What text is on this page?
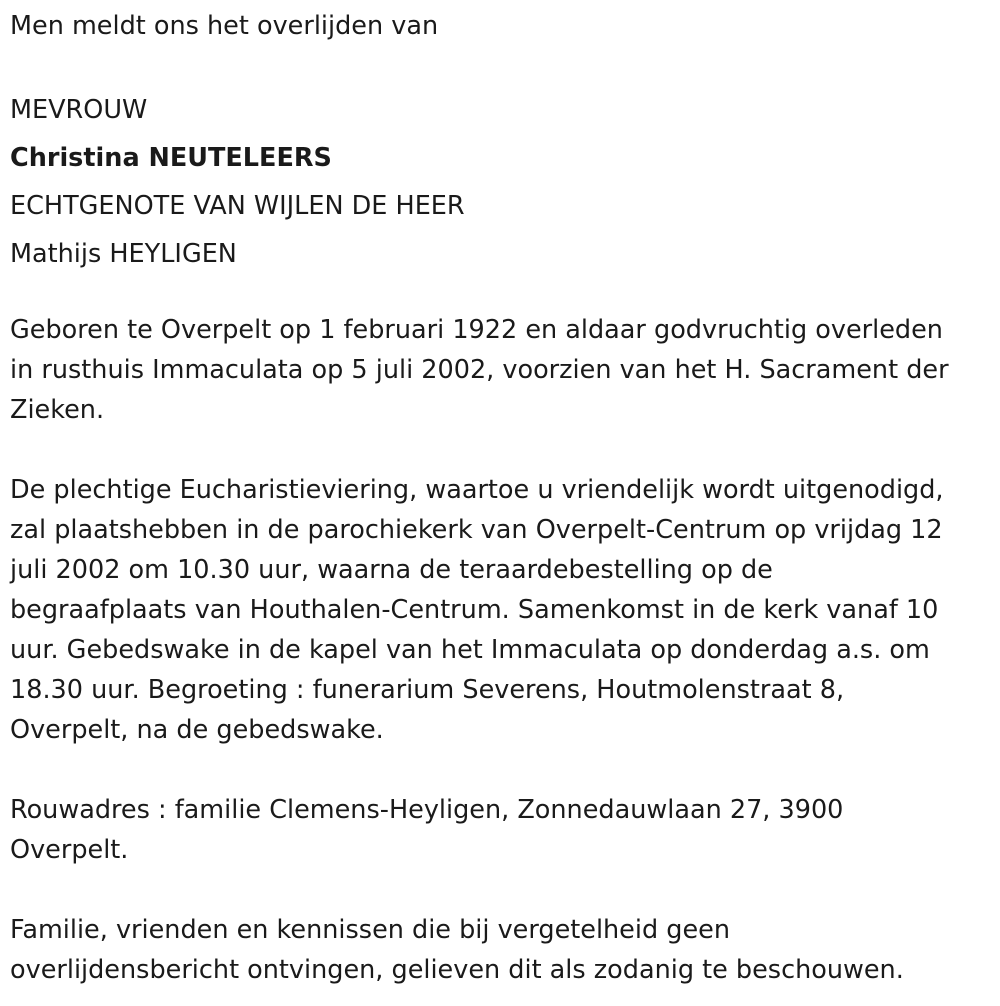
Men meldt ons het overlijden van
MEVROUW
Christina NEUTELEERS
ECHTGENOTE VAN WIJLEN DE HEER
Mathijs HEYLIGEN
Geboren te Overpelt op 1 februari 1922 en aldaar godvruchtig overleden
in rusthuis Immaculata op 5 juli 2002, voorzien van het H. Sacrament der
Zieken.
De plechtige Eucharistieviering, waartoe u vriendelijk wordt uitgenodigd,
zal plaatshebben in de parochiekerk van Overpelt-Centrum op vrijdag 12
juli 2002 om 10.30 uur, waarna de teraardebestelling op de
begraafplaats van Houthalen-Centrum. Samenkomst in de kerk vanaf 10
uur. Gebedswake in de kapel van het Immaculata op donderdag a.s. om
18.30 uur. Begroeting : funerarium Severens, Houtmolenstraat 8,
Overpelt, na de gebedswake.
Rouwadres : familie Clemens-Heyligen, Zonnedauwlaan 27, 3900
Overpelt.
Familie, vrienden en kennissen die bij vergetelheid geen
overlijdensbericht ontvingen, gelieven dit als zodanig te beschouwen.
